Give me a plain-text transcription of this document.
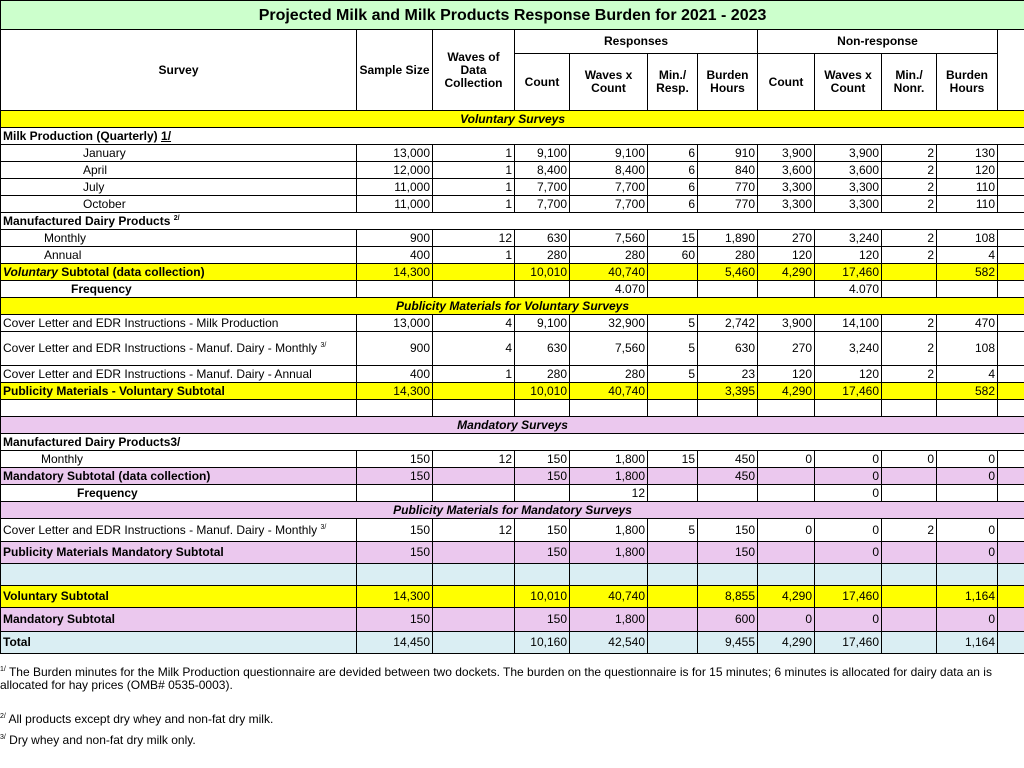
Projected Milk and Milk Products Response Burden for 2021 - 2023											
Survey	Sample Size	Waves of Data Collection	Responses				Non-response				
			Count	Waves x Count	Min./ Resp.	Burden Hours	Count	Waves x Count	Min./ Nonr.	Burden Hours	
Voluntary Surveys											
Milk Production (Quarterly) 1/											
January	13,000	1	9,100	9,100	6	910	3,900	3,900	2	130	
April	12,000	1	8,400	8,400	6	840	3,600	3,600	2	120	
July	11,000	1	7,700	7,700	6	770	3,300	3,300	2	110	
October	11,000	1	7,700	7,700	6	770	3,300	3,300	2	110	
Manufactured Dairy Products $^{2/}$
Monthly	900	12	630	7,560	15	1,890	270	3,240	2	108	
Annual	400	1	280	280	60	280	120	120	2	4	
Voluntary Subtotal (data collection)	14,300		10,010	40,740		5,460	4,290	17,460		582	
Frequency				4.070				4.070			
Publicity Materials for Voluntary Surveys											
Cover Letter and EDR Instructions - Milk Production	13,000	4	9,100	32,900	5	2,742	3,900	14,100	2	470	
Cover Letter and EDR Instructions - Manuf. Dairy - Monthly $^{3/}$	900	4	630	7,560	5	630	270	3,240	2	108	
Cover Letter and EDR Instructions - Manuf. Dairy - Annual	400	1	280	280	5	23	120	120	2	4	
Publicity Materials - Voluntary Subtotal	14,300		10,010	40,740		3,395	4,290	17,460		582	

Mandatory Surveys											
Manufactured Dairy Products3/											
Monthly	150	12	150	1,800	15	450	0	0	0	0	
Mandatory Subtotal (data collection)	150		150	1,800		450		0		0	
Frequency				12				0			
Publicity Materials for Mandatory Surveys											
Cover Letter and EDR Instructions - Manuf. Dairy - Monthly $^{3/}$	150	12	150	1,800	5	150	0	0	2	0	
Publicity Materials Mandatory Subtotal	150		150	1,800		150		0		0	

Voluntary Subtotal	14,300		10,010	40,740		8,855	4,290	17,460		1,164	
Mandatory Subtotal	150		150	1,800		600	0	0		0	
Total	14,450		10,160	42,540		9,455	4,290	17,460		1,164	

$^{1/}$ The Burden minutes for the Milk Production questionnaire are devided between two dockets. The burden on the questionnaire is for 15 minutes; 6 minutes is allocated for dairy data an is allocated for hay prices (OMB# 0535-0003).

$^{2/}$ All products except dry whey and non-fat dry milk.

$^{3/}$ Dry whey and non-fat dry milk only.
